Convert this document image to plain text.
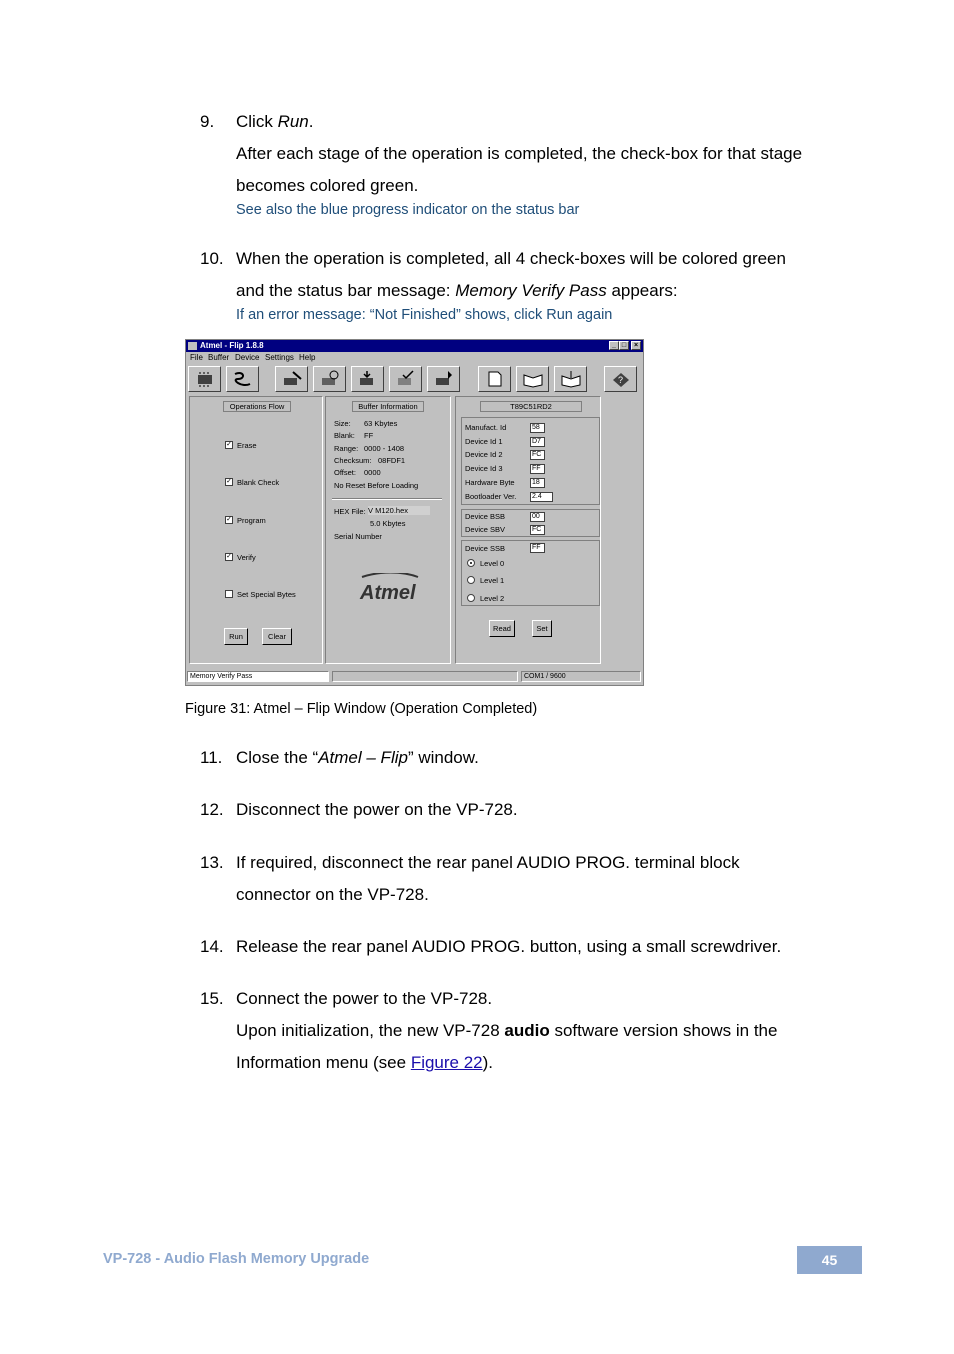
9. Click Run.
After each stage of the operation is completed, the check-box for that stage
becomes colored green.
See also the blue progress indicator on the status bar
10. When the operation is completed, all 4 check-boxes will be colored green
and the status bar message: Memory Verify Pass appears:
If an error message: “Not Finished” shows, click Run again
Atmel - Flip 1.8.8	_ □	×
File Buffer Device Settings Help
?
Operations Flow
✓ Erase
✓ Blank Check
✓ Program
✓ Verify
Set Special Bytes
Run	Clear
Buffer Information
Size: 63 Kbytes
Blank: FF
Range: 0000 - 1408
Checksum: 08FDF1
Offset: 0000
No Reset Before Loading
HEX File: V M120.hex
5.0 Kbytes
Serial Number
Atmel
T89C51RD2
Manufact. Id	58
Device Id 1	D7
Device Id 2	FC
Device Id 3	FF
Hardware Byte 18
Bootloader Ver. 2.4
Device BSB	00
Device SBV	FC
Device SSB	FF
Level 0
Level 1
Level 2
Read	Set
Memory Verify Pass	COM1 / 9600
Figure 31: Atmel – Flip Window (Operation Completed)
11. Close the “Atmel – Flip” window.
12. Disconnect the power on the VP-728.
13. If required, disconnect the rear panel AUDIO PROG. terminal block
connector on the VP-728.
14. Release the rear panel AUDIO PROG. button, using a small screwdriver.
15. Connect the power to the VP-728.
Upon initialization, the new VP-728 audio software version shows in the
Information menu (see Figure 22).
VP-728 - Audio Flash Memory Upgrade	45
